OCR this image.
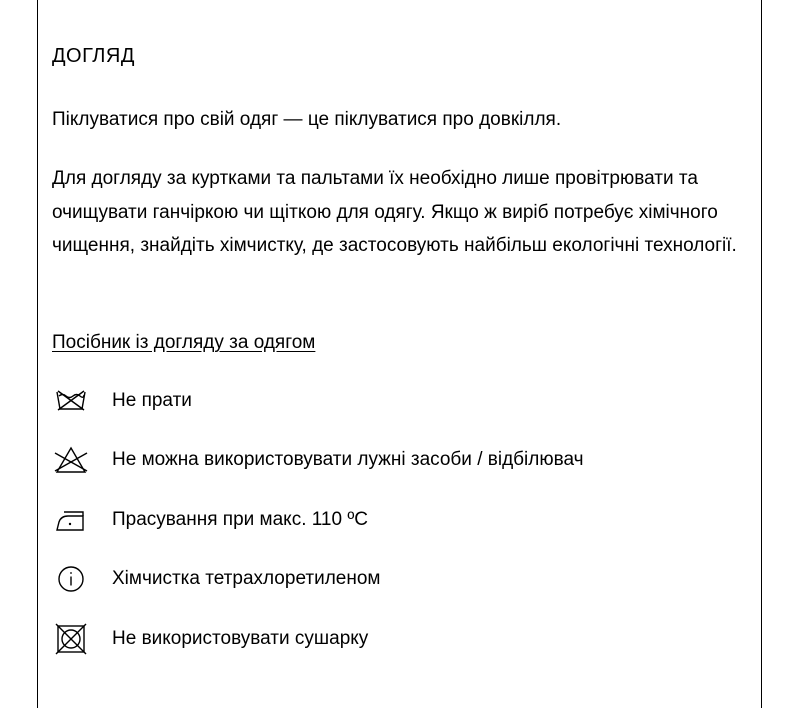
ДОГЛЯД
Піклуватися про свій одяг — це піклуватися про довкілля.
Для догляду за куртками та пальтами їх необхідно лише провітрювати та очищувати ганчіркою чи щіткою для одягу. Якщо ж виріб потребує хімічного чищення, знайдіть хімчистку, де застосовують найбільш екологічні технології.
Посібник із догляду за одягом
Не прати
Не можна використовувати лужні засоби / відбілювач
Прасування при макс. 110 ºC
Хімчистка тетрахлоретиленом
Не використовувати сушарку
